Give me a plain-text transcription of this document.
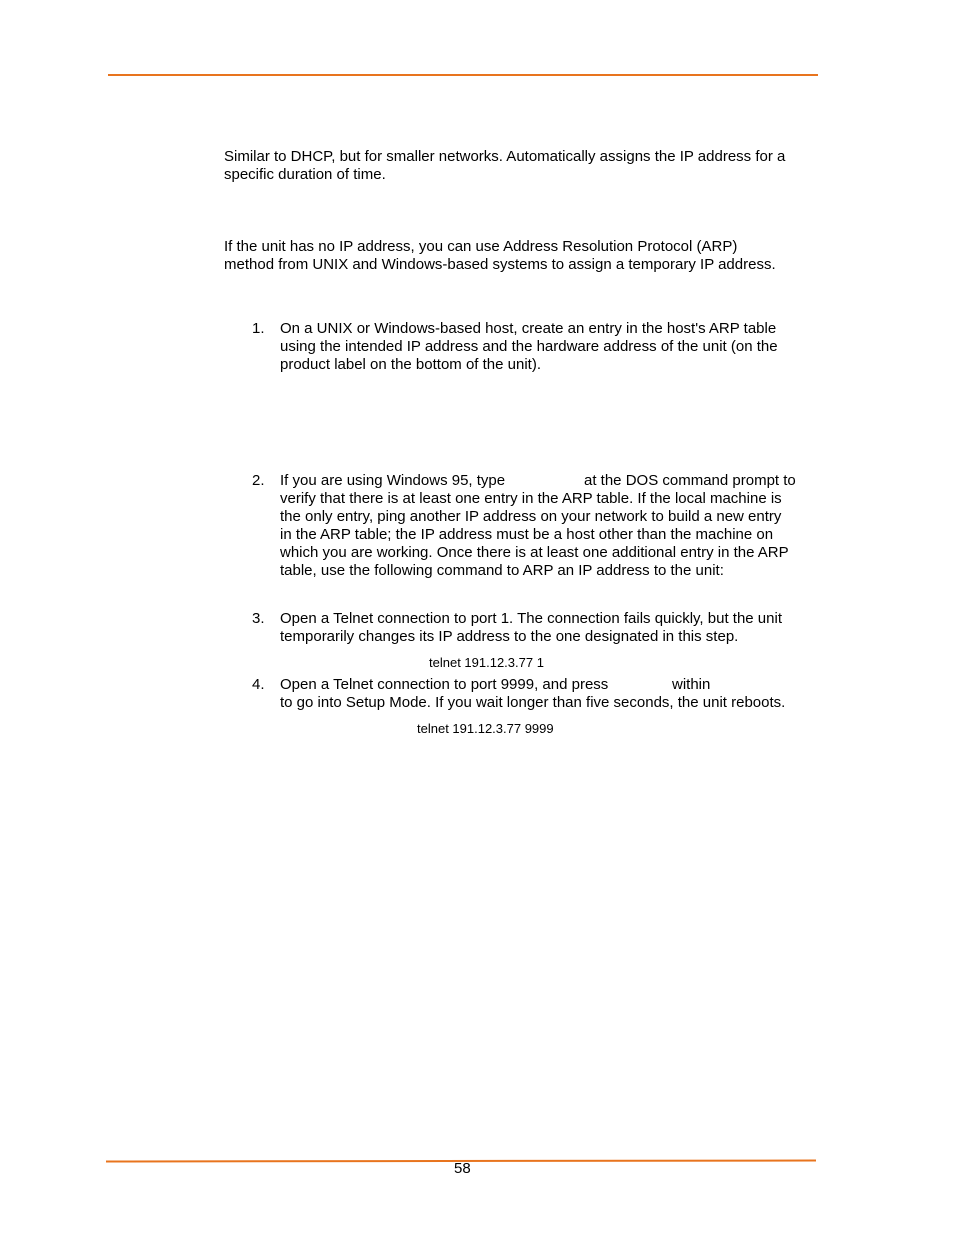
Similar to DHCP, but for smaller networks. Automatically assigns the IP address for a
specific duration of time.
If the unit has no IP address, you can use Address Resolution Protocol (ARP)
method from UNIX and Windows-based systems to assign a temporary IP address.
1. On a UNIX or Windows-based host, create an entry in the host's ARP table
using the intended IP address and the hardware address of the unit (on the
product label on the bottom of the unit).
2. If you are using Windows 95, type	at the DOS command prompt to
verify that there is at least one entry in the ARP table. If the local machine is
the only entry, ping another IP address on your network to build a new entry
in the ARP table; the IP address must be a host other than the machine on
which you are working. Once there is at least one additional entry in the ARP
table, use the following command to ARP an IP address to the unit:
3. Open a Telnet connection to port 1. The connection fails quickly, but the unit
temporarily changes its IP address to the one designated in this step.
telnet 191.12.3.77 1
4. Open a Telnet connection to port 9999, and press	within
to go into Setup Mode. If you wait longer than five seconds, the unit reboots.
telnet 191.12.3.77 9999
58
